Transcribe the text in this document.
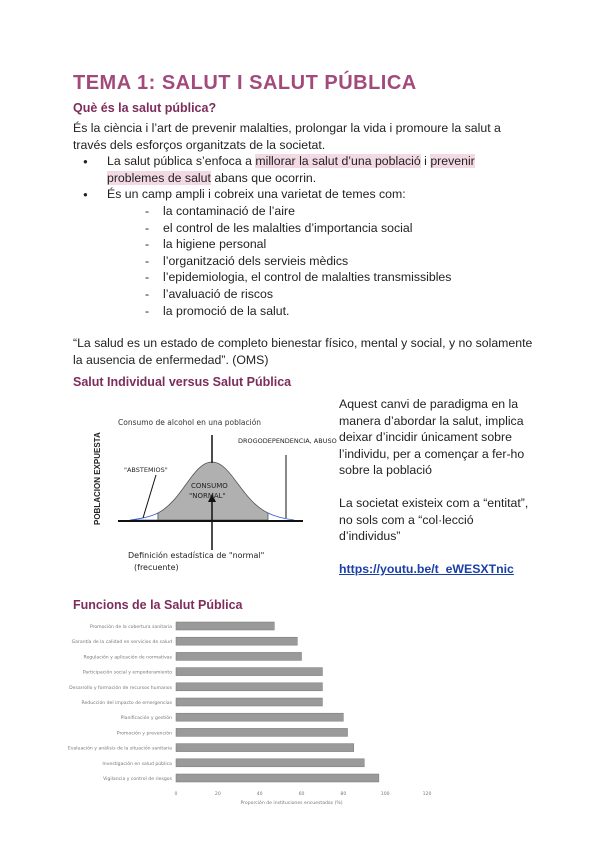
TEMA 1: SALUT I SALUT PÚBLICA
Què és la salut pública?
És la ciència i l’art de prevenir malalties, prolongar la vida i promoure la salut a través dels esforços organitzats de la societat.
● La salut pública s’enfoca a millorar la salut d’una població i prevenir problemes de salut abans que ocorrin.
● És un camp ampli i cobreix una varietat de temes com:
- la contaminació de l’aire
- el control de les malalties d’importancia social
- la higiene personal
- l’organització dels servieis mèdics
- l’epidemiologia, el control de malalties transmissibles
- l’avaluació de riscos
- la promoció de la salut.
“La salud es un estado de completo bienestar físico, mental y social, y no solamente la ausencia de enfermedad”. (OMS)
Salut Individual versus Salut Pública
Consumo de alcohol en una población
POBLACION EXPUESTA	"ABSTEMIOS"
DROGODEPENDENCIA, ABUSO
CONSUMO
"NORMAL"
Definición estadística de "normal"
(frecuente)
Aquest canvi de paradigma en la manera d’abordar la salut, implica deixar d’incidir únicament sobre l’individu, per a començar a fer-ho sobre la població
La societat existeix com a “entitat”, no sols com a “col·lecció d’individus”
https://youtu.be/t_eWESXTnic
Funcions de la Salut Pública
Promoción de la cobertura sanitaria
Garantía de la calidad en servicios de salud
Regulación y aplicación de normativas
Participación social y empoderamiento
Desarrollo y formación de recursos humanos
Reducción del impacto de emergencias
Planificación y gestión
Promoción y prevención
Evaluación y análisis de la situación sanitaria
Investigación en salud pública
Vigilancia y control de riesgos
0	20	40	60	80	100	120
Proporción de instituciones encuestadas (%)
